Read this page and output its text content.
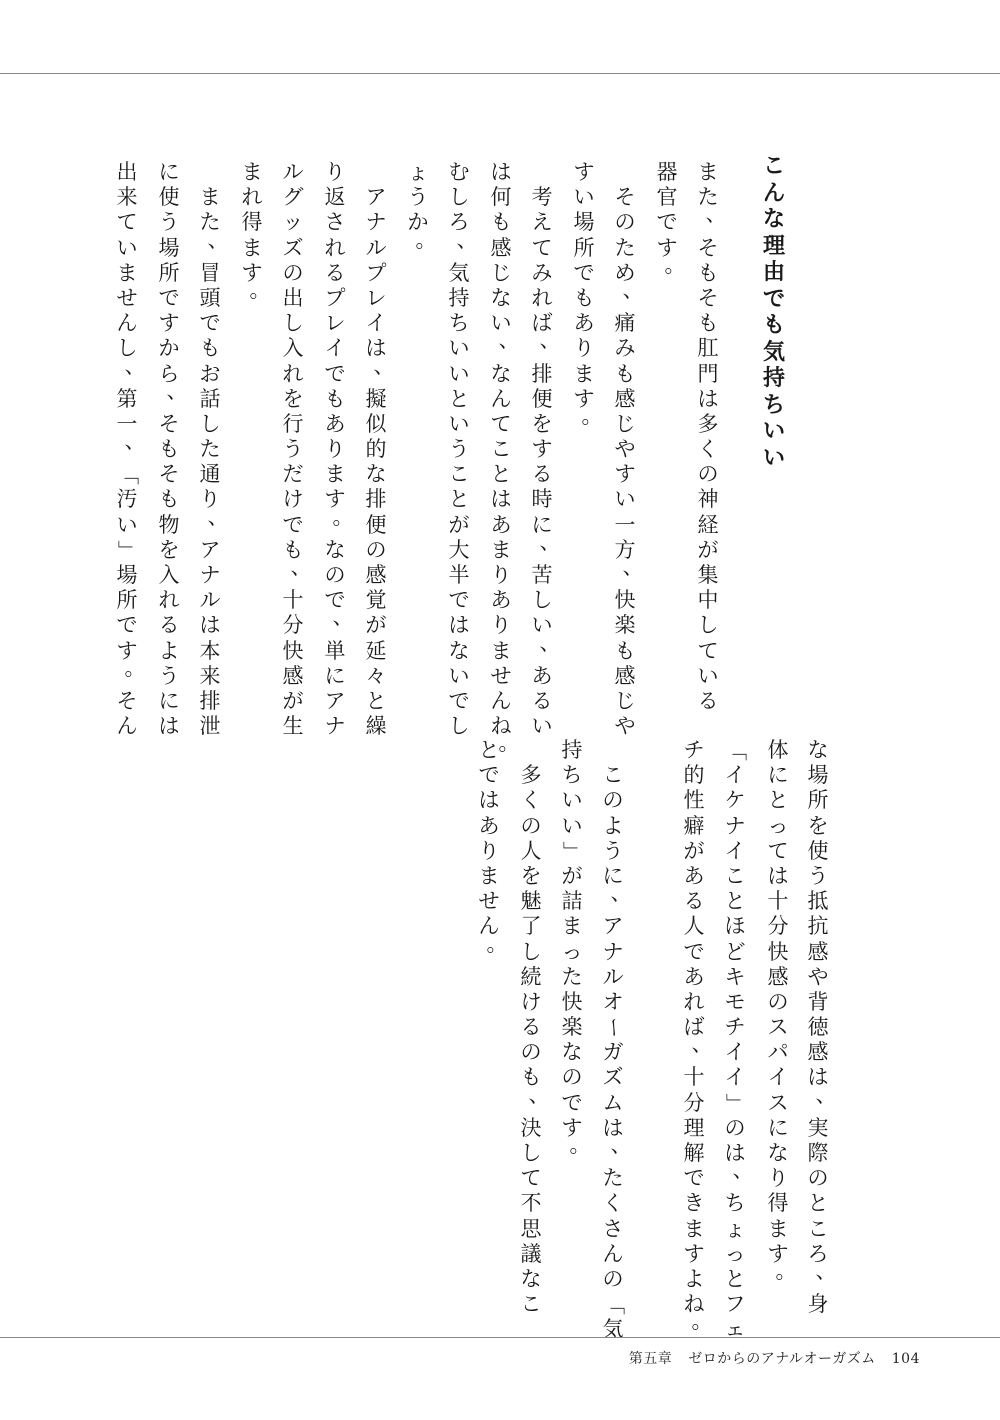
こ
ん
な
理
由
で
も
気
持
ち
い
い
ま
た
、
そ
も
そ
も
肛
門
は
多
く
の
神
経
が
集
中
し
て
い
る
器
官
で
す
。

そ
の
た
め
、
痛
み
も
感
じ
や
す
い
一
方
、
快
楽
も
感
じ
や
す
い
場
所
で
も
あ
り
ま
す
。

考
え
て
み
れ
ば
、
排
便
を
す
る
時
に
、
苦
し
い
、
あ
る
い
は
何
も
感
じ
な
い
、
な
ん
て
こ
と
は
あ
ま
り
あ
り
ま
せ
ん
ね
。
む
し
ろ
、
気
持
ち
い
い
と
い
う
こ
と
が
大
半
で
は
な
い
で
し
ょ
う
か
。

ア
ナ
ル
プ
レ
イ
は
、
擬
似
的
な
排
便
の
感
覚
が
延
々
と
繰
り
返
さ
れ
る
プ
レ
イ
で
も
あ
り
ま
す
。
な
の
で
、
単
に
ア
ナ
ル
グ
ッ
ズ
の
出
し
入
れ
を
行
う
だ
け
で
も
、
十
分
快
感
が
生
ま
れ
得
ま
す
。

ま
た
、
冒
頭
で
も
お
話
し
た
通
り
、
ア
ナ
ル
は
本
来
排
泄
に
使
う
場
所
で
す
か
ら
、
そ
も
そ
も
物
を
入
れ
る
よ
う
に
は
出
来
て
い
ま
せ
ん
し
、
第
一
、
「
汚
い
」
場
所
で
す
。
そ
ん
な
場
所
を
使
う
抵
抗
感
や
背
徳
感
は
、
実
際
の
と
こ
ろ
、
身
体
に
と
っ
て
は
十
分
快
感
の
ス
パ
イ
ス
に
な
り
得
ま
す
。
「
イ
ケ
ナ
イ
こ
と
ほ
ど
キ
モ
チ
イ
イ
」
の
は
、
ち
ょ
っ
と
フ
ェ
チ
的
性
癖
が
あ
る
人
で
あ
れ
ば
、
十
分
理
解
で
き
ま
す
よ
ね
。

こ
の
よ
う
に
、
ア
ナ
ル
オ
ー
ガ
ズ
ム
は
、
た
く
さ
ん
の
「
気
持
ち
い
い
」
が
詰
ま
っ
た
快
楽
な
の
で
す
。

多
く
の
人
を
魅
了
し
続
け
る
の
も
、
決
し
て
不
思
議
な
こ
と
で
は
あ
り
ま
せ
ん
。
第五章 ゼロからのアナルオーガズム 104
